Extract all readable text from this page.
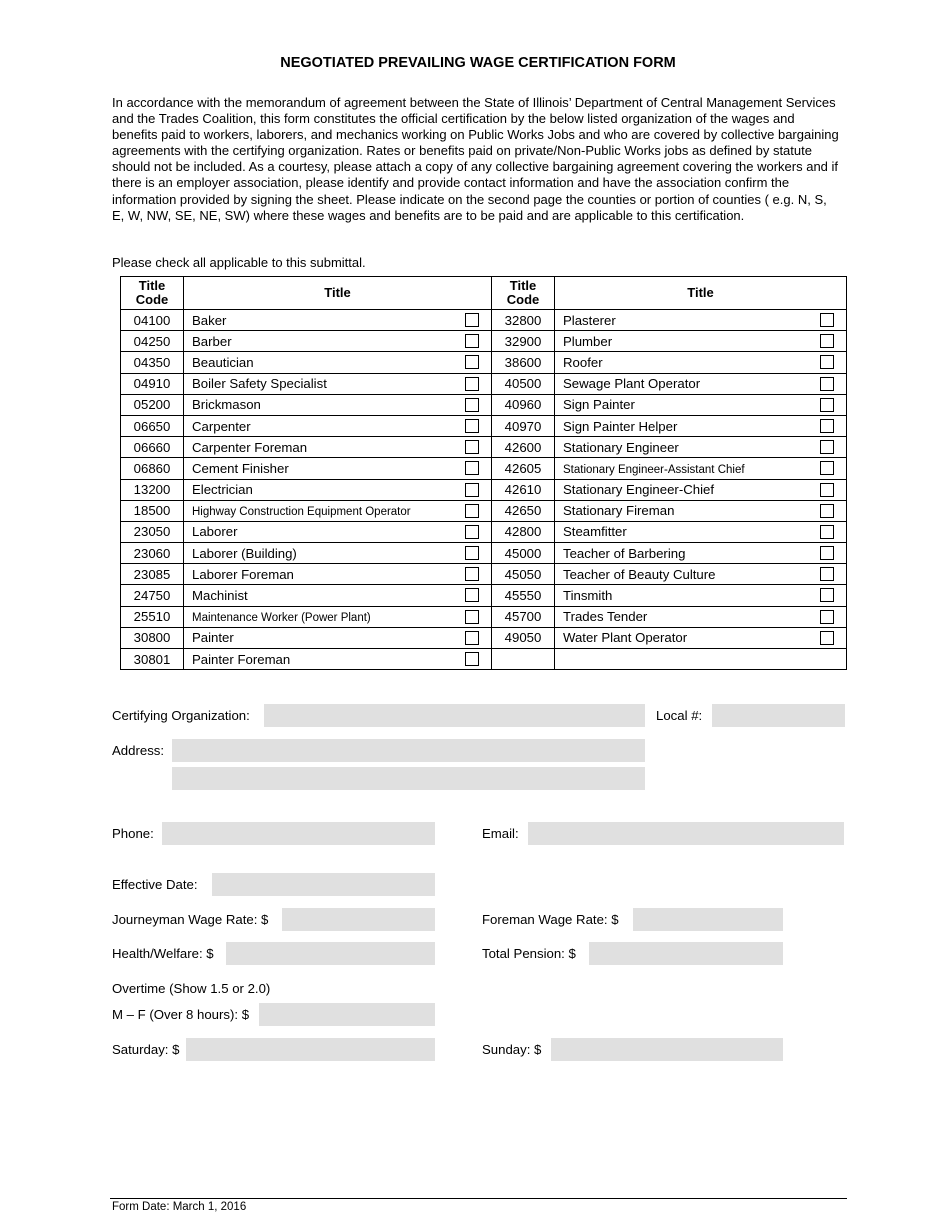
NEGOTIATED PREVAILING WAGE CERTIFICATION FORM

In accordance with the memorandum of agreement between the State of Illinois’ Department of Central Management Services and the Trades Coalition, this form constitutes the official certification by the below listed organization of the wages and benefits paid to workers, laborers, and mechanics working on Public Works Jobs and who are covered by collective bargaining agreements with the certifying organization. Rates or benefits paid on private/Non-Public Works jobs as defined by statute should not be included. As a courtesy, please attach a copy of any collective bargaining agreement covering the workers and if there is an employer association, please identify and provide contact information and have the association confirm the information provided by signing the sheet. Please indicate on the second page the counties or portion of counties ( e.g. N, S, E, W, NW, SE, NE, SW) where these wages and benefits are to be paid and are applicable to this certification.

Please check all applicable to this submittal.
Title Code	Title	Title Code	Title
04100	Baker	32800	Plasterer

04250	Barber	32900	Plumber

04350	Beautician	38600	Roofer

04910	Boiler Safety Specialist	40500	Sewage Plant Operator

05200	Brickmason	40960	Sign Painter

06650	Carpenter	40970	Sign Painter Helper

06660	Carpenter Foreman	42600	Stationary Engineer

06860	Cement Finisher	42605	Stationary Engineer-Assistant Chief

13200	Electrician	42610	Stationary Engineer-Chief

18500	Highway Construction Equipment Operator	42650	Stationary Fireman

23050	Laborer	42800	Steamfitter

23060	Laborer (Building)	45000	Teacher of Barbering

23085	Laborer Foreman	45050	Teacher of Beauty Culture

24750	Machinist	45550	Tinsmith

25510	Maintenance Worker (Power Plant)	45700	Trades Tender

30800	Painter	49050	Water Plant Operator

30801	Painter Foreman

Certifying Organization:	Local #:
Address:
Phone:	Email:
Effective Date:
Journeyman Wage Rate: $	Foreman Wage Rate: $
Health/Welfare: $	Total Pension: $
Overtime (Show 1.5 or 2.0)
M – F (Over 8 hours): $
Saturday: $	Sunday: $
Form Date: March 1, 2016
